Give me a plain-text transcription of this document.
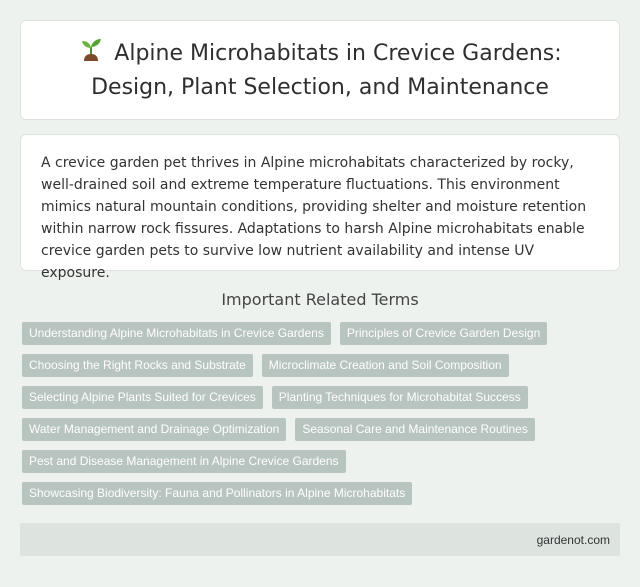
Alpine Microhabitats in Crevice Gardens: Design, Plant Selection, and Maintenance

A crevice garden pet thrives in Alpine microhabitats characterized by rocky, well-drained soil and extreme temperature fluctuations. This environment mimics natural mountain conditions, providing shelter and moisture retention within narrow rock fissures. Adaptations to harsh Alpine microhabitats enable crevice garden pets to survive low nutrient availability and intense UV exposure.

Important Related Terms
Understanding Alpine Microhabitats in Crevice Gardens	Principles of Crevice Garden Design
Choosing the Right Rocks and Substrate	Microclimate Creation and Soil Composition
Selecting Alpine Plants Suited for Crevices	Planting Techniques for Microhabitat Success
Water Management and Drainage Optimization	Seasonal Care and Maintenance Routines
Pest and Disease Management in Alpine Crevice Gardens
Showcasing Biodiversity: Fauna and Pollinators in Alpine Microhabitats
gardenot.com
